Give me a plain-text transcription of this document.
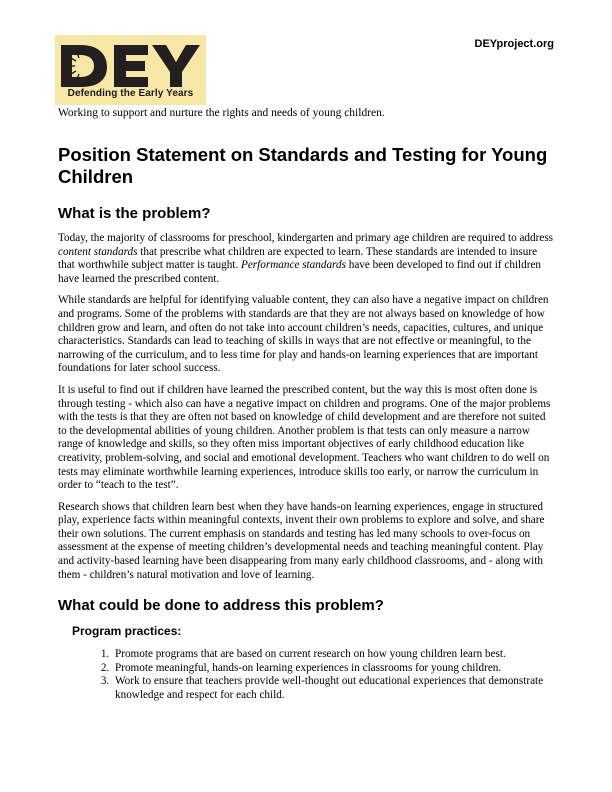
Defending the Early Years
DEYproject.org
Working to support and nurture the rights and needs of young children.
Position Statement on Standards and Testing for Young Children
What is the problem?

Today, the majority of classrooms for preschool, kindergarten and primary age children are required to address content standards that prescribe what children are expected to learn. These standards are intended to insure that worthwhile subject matter is taught. Performance standards have been developed to find out if children have learned the prescribed content.

While standards are helpful for identifying valuable content, they can also have a negative impact on children and programs. Some of the problems with standards are that they are not always based on knowledge of how children grow and learn, and often do not take into account children’s needs, capacities, cultures, and unique characteristics. Standards can lead to teaching of skills in ways that are not effective or meaningful, to the narrowing of the curriculum, and to less time for play and hands-on learning experiences that are important foundations for later school success.

It is useful to find out if children have learned the prescribed content, but the way this is most often done is through testing - which also can have a negative impact on children and programs. One of the major problems with the tests is that they are often not based on knowledge of child development and are therefore not suited to the developmental abilities of young children. Another problem is that tests can only measure a narrow range of knowledge and skills, so they often miss important objectives of early childhood education like creativity, problem-solving, and social and emotional development. Teachers who want children to do well on tests may eliminate worthwhile learning experiences, introduce skills too early, or narrow the curriculum in order to “teach to the test”.

Research shows that children learn best when they have hands-on learning experiences, engage in structured play, experience facts within meaningful contexts, invent their own problems to explore and solve, and share their own solutions. The current emphasis on standards and testing has led many schools to over-focus on assessment at the expense of meeting children’s developmental needs and teaching meaningful content. Play and activity-based learning have been disappearing from many early childhood classrooms, and - along with them - children’s natural motivation and love of learning.

What could be done to address this problem?
Program practices:
1. Promote programs that are based on current research on how young children learn best.
2. Promote meaningful, hands-on learning experiences in classrooms for young children.
3. Work to ensure that teachers provide well-thought out educational experiences that demonstrate knowledge and respect for each child.
